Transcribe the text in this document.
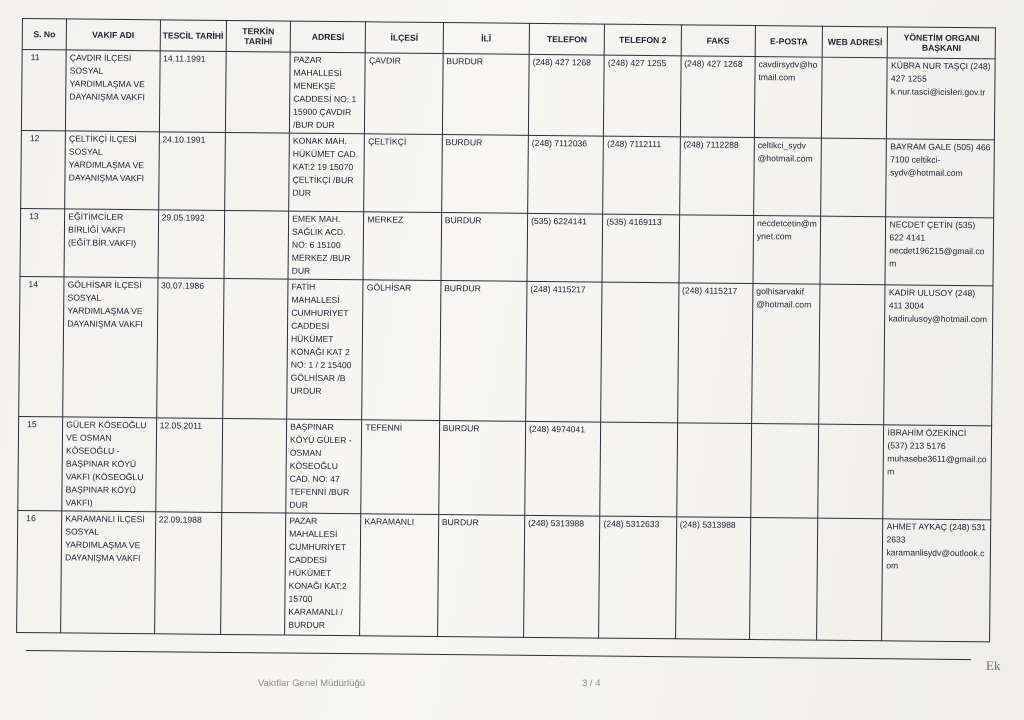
S. No	VAKIF ADI	TESCİL TARİHİ	TERKİN TARİHİ	ADRESİ	İLÇESİ	İLİ	TELEFON	TELEFON 2	FAKS	E-POSTA	WEB ADRESİ	YÖNETİM ORGANI BAŞKANI
11	ÇAVDIR İLÇESİ SOSYAL YARDIMLAŞMA VE DAYANIŞMA VAKFI	14.11.1991		PAZAR MAHALLESİ MENEKŞE CADDESİ NO: 1 15900 ÇAVDIR /BUR DUR	ÇAVDIR	BURDUR	(248) 427 1268	(248) 427 1255	(248) 427 1268	cavdirsydv@hotmail.com		KÜBRA NUR TAŞÇI (248) 427 1255 k.nur.tasci@icisleri.gov.tr
12	ÇELTİKÇİ İLÇESİ SOSYAL YARDIMLAŞMA VE DAYANIŞMA VAKFI	24.10.1991		KONAK MAH. HÜKÜMET CAD. KAT:2 19 15070 ÇELTİKÇİ /BUR DUR	ÇELTİKÇİ	BURDUR	(248) 7112036	(248) 7112111	(248) 7112288	celtikci_sydv @hotmail.com		BAYRAM GALE (505) 466 7100 celtikci-sydv@hotmail.com
13	EĞİTİMCİLER BİRLİĞİ VAKFI (EĞİT.BİR.VAKFI)	29.05.1992		EMEK MAH. SAĞLIK ACD. NO: 6 15100 MERKEZ /BUR DUR	MERKEZ	BURDUR	(535) 6224141	(535) 4169113		necdetcetin@mynet.com		NECDET ÇETİN (535) 622 4141 necdet196215@gmail.com
14	GÖLHİSAR İLÇESİ SOSYAL YARDIMLAŞMA VE DAYANIŞMA VAKFI	30.07.1986		FATİH MAHALLESİ CUMHURİYET CADDESİ HÜKÜMET KONAĞI KAT 2 NO: 1 / 2 15400 GÖLHİSAR /B URDUR	GÖLHİSAR	BURDUR	(248) 4115217		(248) 4115217	golhisarvakif @hotmail.com		KADİR ULUSOY (248) 411 3004 kadirulusoy@hotmail.com
15	GÜLER KÖSEOĞLU VE OSMAN KÖSEOĞLU - BAŞPINAR KÖYÜ VAKFI (KÖSEOĞLU BAŞPINAR KÖYÜ VAKFI)	12.05.2011		BAŞPINAR KÖYÜ GÜLER -OSMAN KÖSEOĞLU CAD. NO: 47 TEFENNİ /BUR DUR	TEFENNİ	BURDUR	(248) 4974041					İBRAHİM ÖZEKİNCİ (537) 213 5176 muhasebe3611@gmail.com
16	KARAMANLI İLÇESİ SOSYAL YARDIMLAŞMA VE DAYANIŞMA VAKFI	22.09.1988		PAZAR MAHALLESİ CUMHURİYET CADDESİ HÜKÜMET KONAĞI KAT:2 15700 KARAMANLI / BURDUR	KARAMANLI	BURDUR	(248) 5313988	(248) 5312633	(248) 5313988			AHMET AYKAÇ (248) 531 2633 karamanlisydv@outlook.com
Vakıflar Genel Müdürlüğü	3 / 4
Ek
